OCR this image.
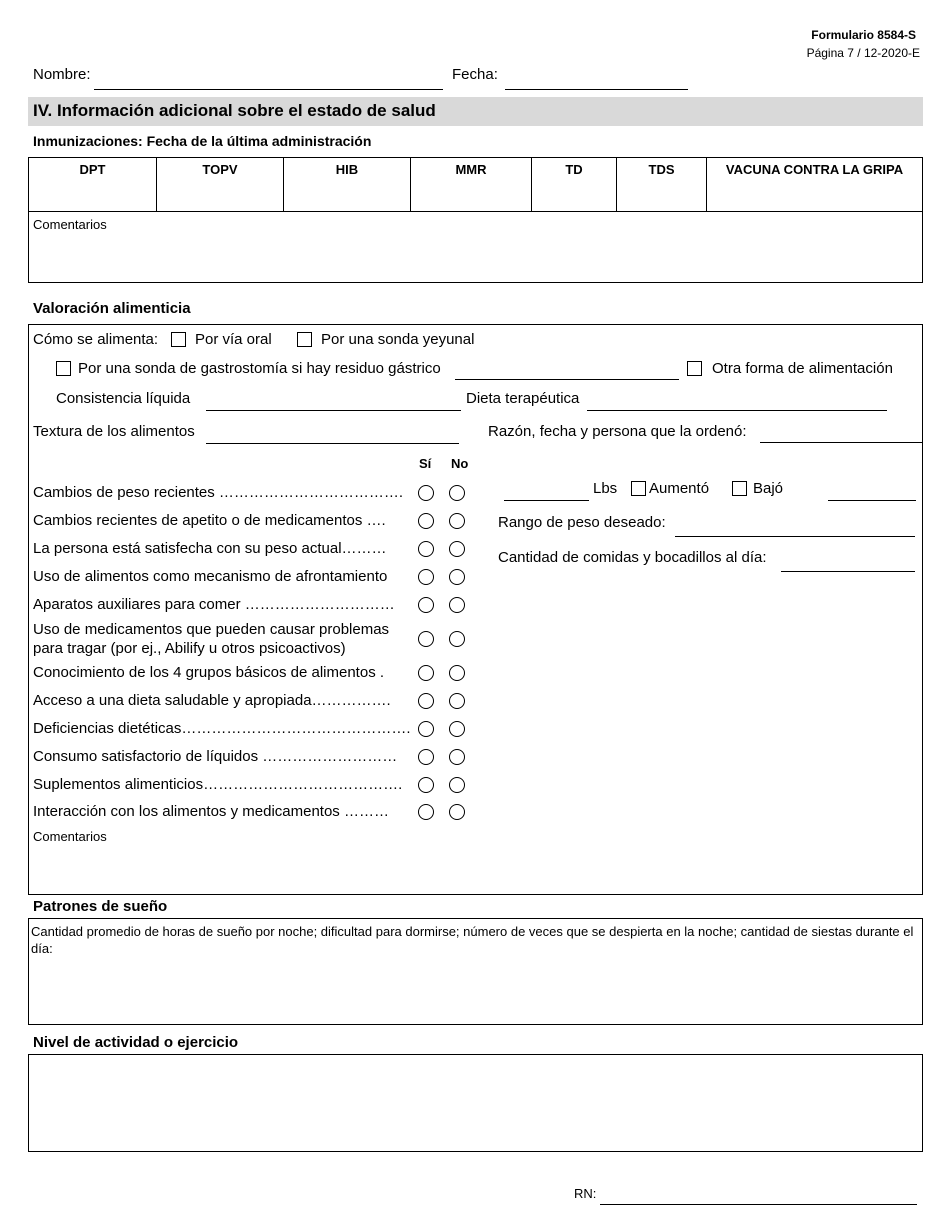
Formulario 8584-S
Página 7 / 12-2020-E
Nombre:	Fecha:
IV. Información adicional sobre el estado de salud
Inmunizaciones: Fecha de la última administración
DPT	TOPV	HIB	MMR	TD	TDS	VACUNA CONTRA LA GRIPA
Comentarios
Valoración alimenticia
Cómo se alimenta: Por vía oral	Por una sonda yeyunal
Por una sonda de gastrostomía si hay residuo gástrico	Otra forma de alimentación
Consistencia líquida	Dieta terapéutica
Textura de los alimentos	Razón, fecha y persona que la ordenó:
Sí No
Cambios de peso recientes ……………………………….
Cambios recientes de apetito o de medicamentos ….
La persona está satisfecha con su peso actual………
Uso de alimentos como mecanismo de afrontamiento
Aparatos auxiliares para comer …………………………
Uso de medicamentos que pueden causar problemas
para tragar (por ej., Abilify u otros psicoactivos)
Conocimiento de los 4 grupos básicos de alimentos .
Acceso a una dieta saludable y apropiada…………….
Deficiencias dietéticas……………………………………….
Consumo satisfactorio de líquidos ………………………
Suplementos alimenticios………………………………….
Interacción con los alimentos y medicamentos ………
Comentarios
Lbs Aumentó	Bajó
Rango de peso deseado:
Cantidad de comidas y bocadillos al día:
Patrones de sueño
Cantidad promedio de horas de sueño por noche; dificultad para dormirse; número de veces que se despierta en la noche; cantidad de siestas durante el día:
Nivel de actividad o ejercicio
RN:
